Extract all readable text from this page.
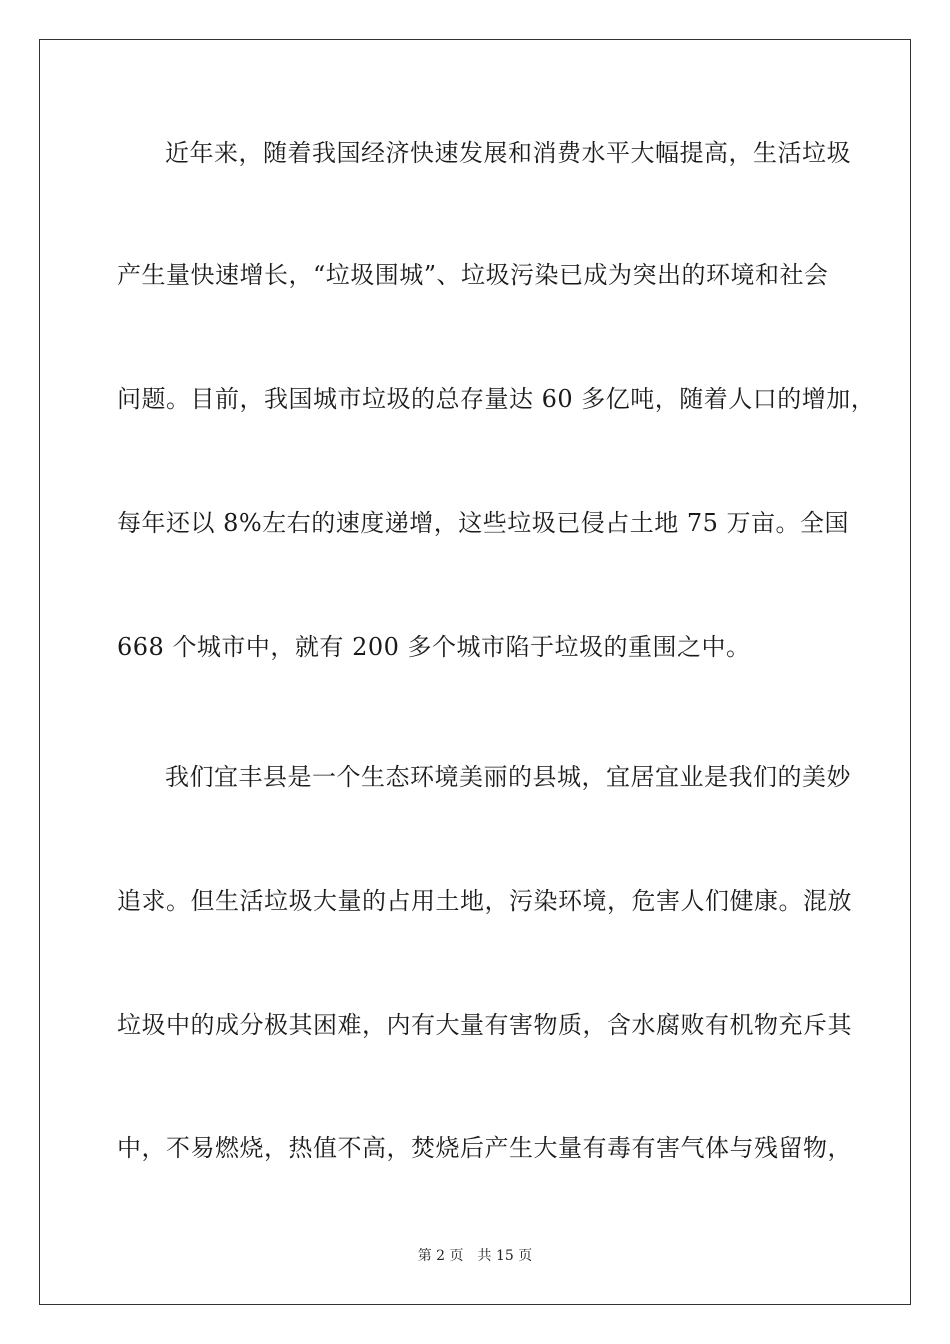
近年来，随着我国经济快速发展和消费水平大幅提高，生活垃圾
产生量快速增长，“垃圾围城”、垃圾污染已成为突出的环境和社会
问题。目前，我国城市垃圾的总存量达 60 多亿吨，随着人口的增加，
每年还以 8%左右的速度递增，这些垃圾已侵占土地 75 万亩。全国
668 个城市中，就有 200 多个城市陷于垃圾的重围之中。
我们宜丰县是一个生态环境美丽的县城，宜居宜业是我们的美妙
追求。但生活垃圾大量的占用土地，污染环境，危害人们健康。混放
垃圾中的成分极其困难，内有大量有害物质，含水腐败有机物充斥其
中，不易燃烧，热值不高，焚烧后产生大量有毒有害气体与残留物，
第 2 页 共 15 页
